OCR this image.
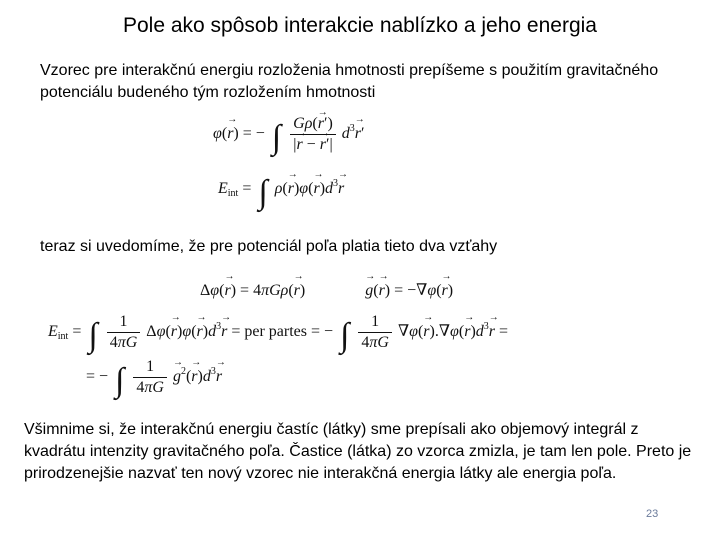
Pole ako spôsob interakcie nablízko a jeho energia
Vzorec pre interakčnú energiu rozloženia hmotnosti prepíšeme s použitím gravitačného potenciálu budeného tým rozložením hmotnosti
φ(→ r) = − ∫ $\frac{G\rho(\to r')}{|\to r - \to r'|} d^3\to r'$
$E_{int}$ = ∫ $\rho(\to r)\varphi(\to r)d^3\to r$
teraz si uvedomíme, že pre potenciál poľa platia tieto dva vzťahy
Δφ(→ r) = 4πGρ(→ r)  →	g(→ r) = −∇φ(→ r)
$E_{int}$ = ∫ $\frac{1}{4\pi G} \Delta\varphi(\to r)\varphi(\to r)d^3\to r$ = per partes = − ∫ $\frac{1}{4\pi G} \nabla\varphi(\to r).\nabla\varphi(\to r)d^3\to r$ =
= − ∫ $\frac{1}{4\pi G}$
→ $g^2(\to r)d^3\to r$
Všimnime si, že interakčnú energiu častíc (látky) sme prepísali ako objemový integrál z kvadrátu intenzity gravitačného poľa. Častice (látka) zo vzorca zmizla, je tam len pole. Preto je prirodzenejšie nazvať ten nový vzorec nie interakčná energia látky ale energia poľa.
23
